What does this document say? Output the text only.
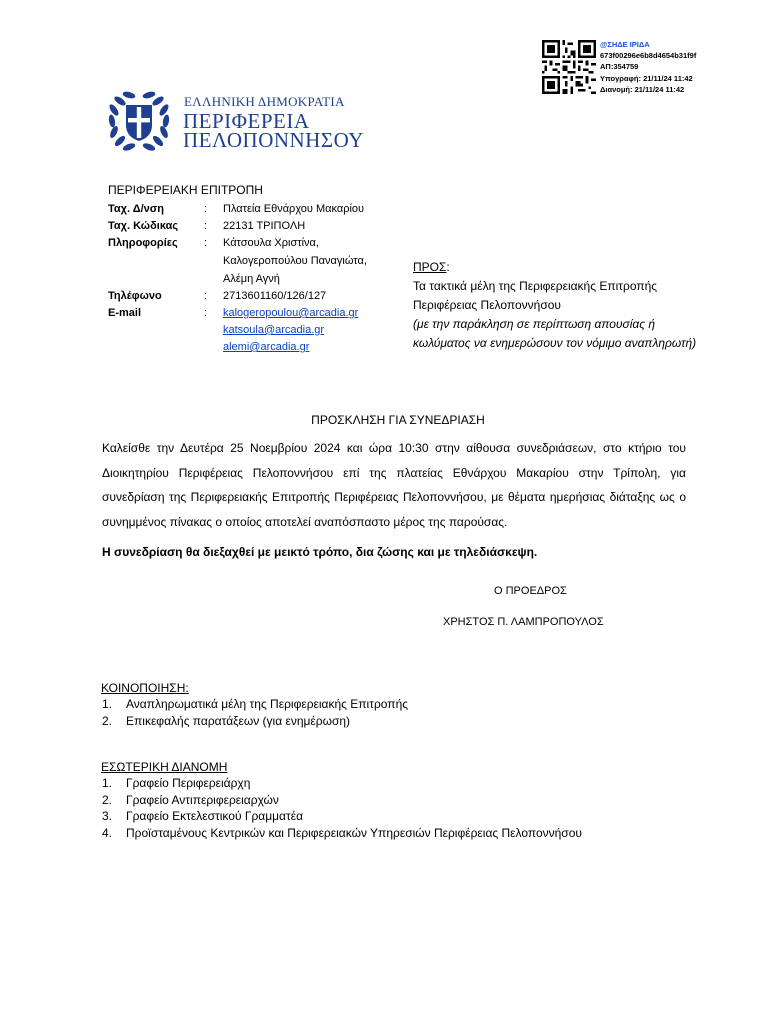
@ΣΗΔΕ ΙΡΙΔΑ
673f00296e6b8d4654b31f9f
ΑΠ:354759
Υπογραφή: 21/11/24 11:42
Διανομή: 21/11/24 11:42
ΕΛΛΗΝΙΚΗ ΔΗΜΟΚΡΑΤΙΑ
ΠΕΡΙΦΕΡΕΙΑ
ΠΕΛΟΠΟΝΝΗΣΟΥ
ΠΕΡΙΦΕΡΕΙΑΚΗ ΕΠΙΤΡΟΠΗ
Ταχ. Δ/νση	: Πλατεία Εθνάρχου Μακαρίου
Ταχ. Κώδικας	: 22131 ΤΡΙΠΟΛΗ
Πληροφορίες	: Κάτσουλα Χριστίνα,
Καλογεροπούλου Παναγιώτα,
Αλέμη Αγνή
Τηλέφωνο	: 2713601160/126/127
E-mail	: kalogeropoulou@arcadia.gr
katsoula@arcadia.gr
alemi@arcadia.gr
ΠΡΟΣ:
Τα τακτικά μέλη της Περιφερειακής Επιτροπής
Περιφέρειας Πελοποννήσου
(με την παράκληση σε περίπτωση απουσίας ή κωλύματος να ενημερώσουν τον νόμιμο αναπληρωτή)
ΠΡΟΣΚΛΗΣΗ ΓΙΑ ΣΥΝΕΔΡΙΑΣΗ
Καλείσθε την Δευτέρα 25 Νοεμβρίου 2024 και ώρα 10:30 στην αίθουσα συνεδριάσεων, στο κτήριο του Διοικητηρίου Περιφέρειας Πελοποννήσου επί της πλατείας Εθνάρχου Μακαρίου στην Τρίπολη, για συνεδρίαση της Περιφερειακής Επιτροπής Περιφέρειας Πελοποννήσου, με θέματα ημερήσιας διάταξης ως ο συνημμένος πίνακας ο οποίος αποτελεί αναπόσπαστο μέρος της παρούσας.
Η συνεδρίαση θα διεξαχθεί με μεικτό τρόπο, δια ζώσης και με τηλεδιάσκεψη.
Ο ΠΡΟΕΔΡΟΣ
ΧΡΗΣΤΟΣ Π. ΛΑΜΠΡΟΠΟΥΛΟΣ
ΚΟΙΝΟΠΟΙΗΣΗ:
1. Αναπληρωματικά μέλη της Περιφερειακής Επιτροπής
2. Επικεφαλής παρατάξεων (για ενημέρωση)
ΕΣΩΤΕΡΙΚΗ ΔΙΑΝΟΜΗ
1. Γραφείο Περιφερειάρχη
2. Γραφείο Αντιπεριφερειαρχών
3. Γραφείο Εκτελεστικού Γραμματέα
4. Προϊσταμένους Κεντρικών και Περιφερειακών Υπηρεσιών Περιφέρειας Πελοποννήσου
